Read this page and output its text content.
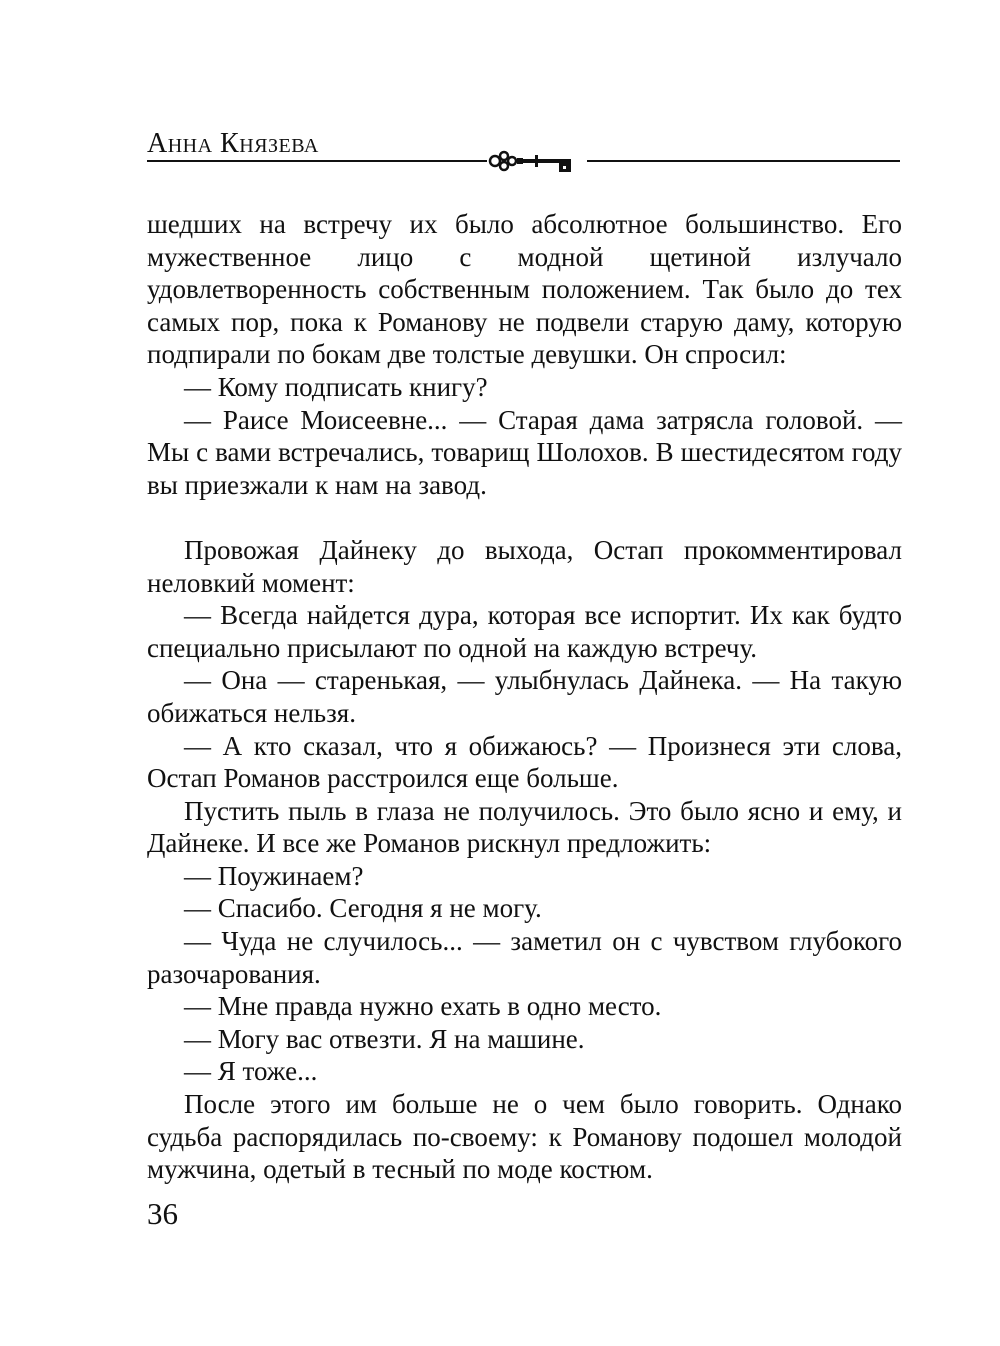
Анна Князева

шедших на встречу их было абсолютное большинство. Его мужественное лицо с модной щетиной излучало удовлетворенность собственным положением. Так было до тех самых пор, пока к Романову не подвели старую даму, которую подпирали по бокам две толстые девушки. Он спросил:

— Кому подписать книгу?

— Раисе Моисеевне... — Старая дама затрясла головой. — Мы с вами встречались, товарищ Шолохов. В шестидесятом году вы приезжали к нам на завод.

Провожая Дайнеку до выхода, Остап прокомментировал неловкий момент:

— Всегда найдется дура, которая все испортит. Их как будто специально присылают по одной на каждую встречу.

— Она — старенькая, — улыбнулась Дайнека. — На такую обижаться нельзя.

— А кто сказал, что я обижаюсь? — Произнеся эти слова, Остап Романов расстроился еще больше.

Пустить пыль в глаза не получилось. Это было ясно и ему, и Дайнеке. И все же Романов рискнул предложить:

— Поужинаем?

— Спасибо. Сегодня я не могу.

— Чуда не случилось... — заметил он с чувством глубокого разочарования.

— Мне правда нужно ехать в одно место.

— Могу вас отвезти. Я на машине.

— Я тоже...

После этого им больше не о чем было говорить. Однако судьба распорядилась по-своему: к Романову подошел молодой мужчина, одетый в тесный по моде костюм.

36
